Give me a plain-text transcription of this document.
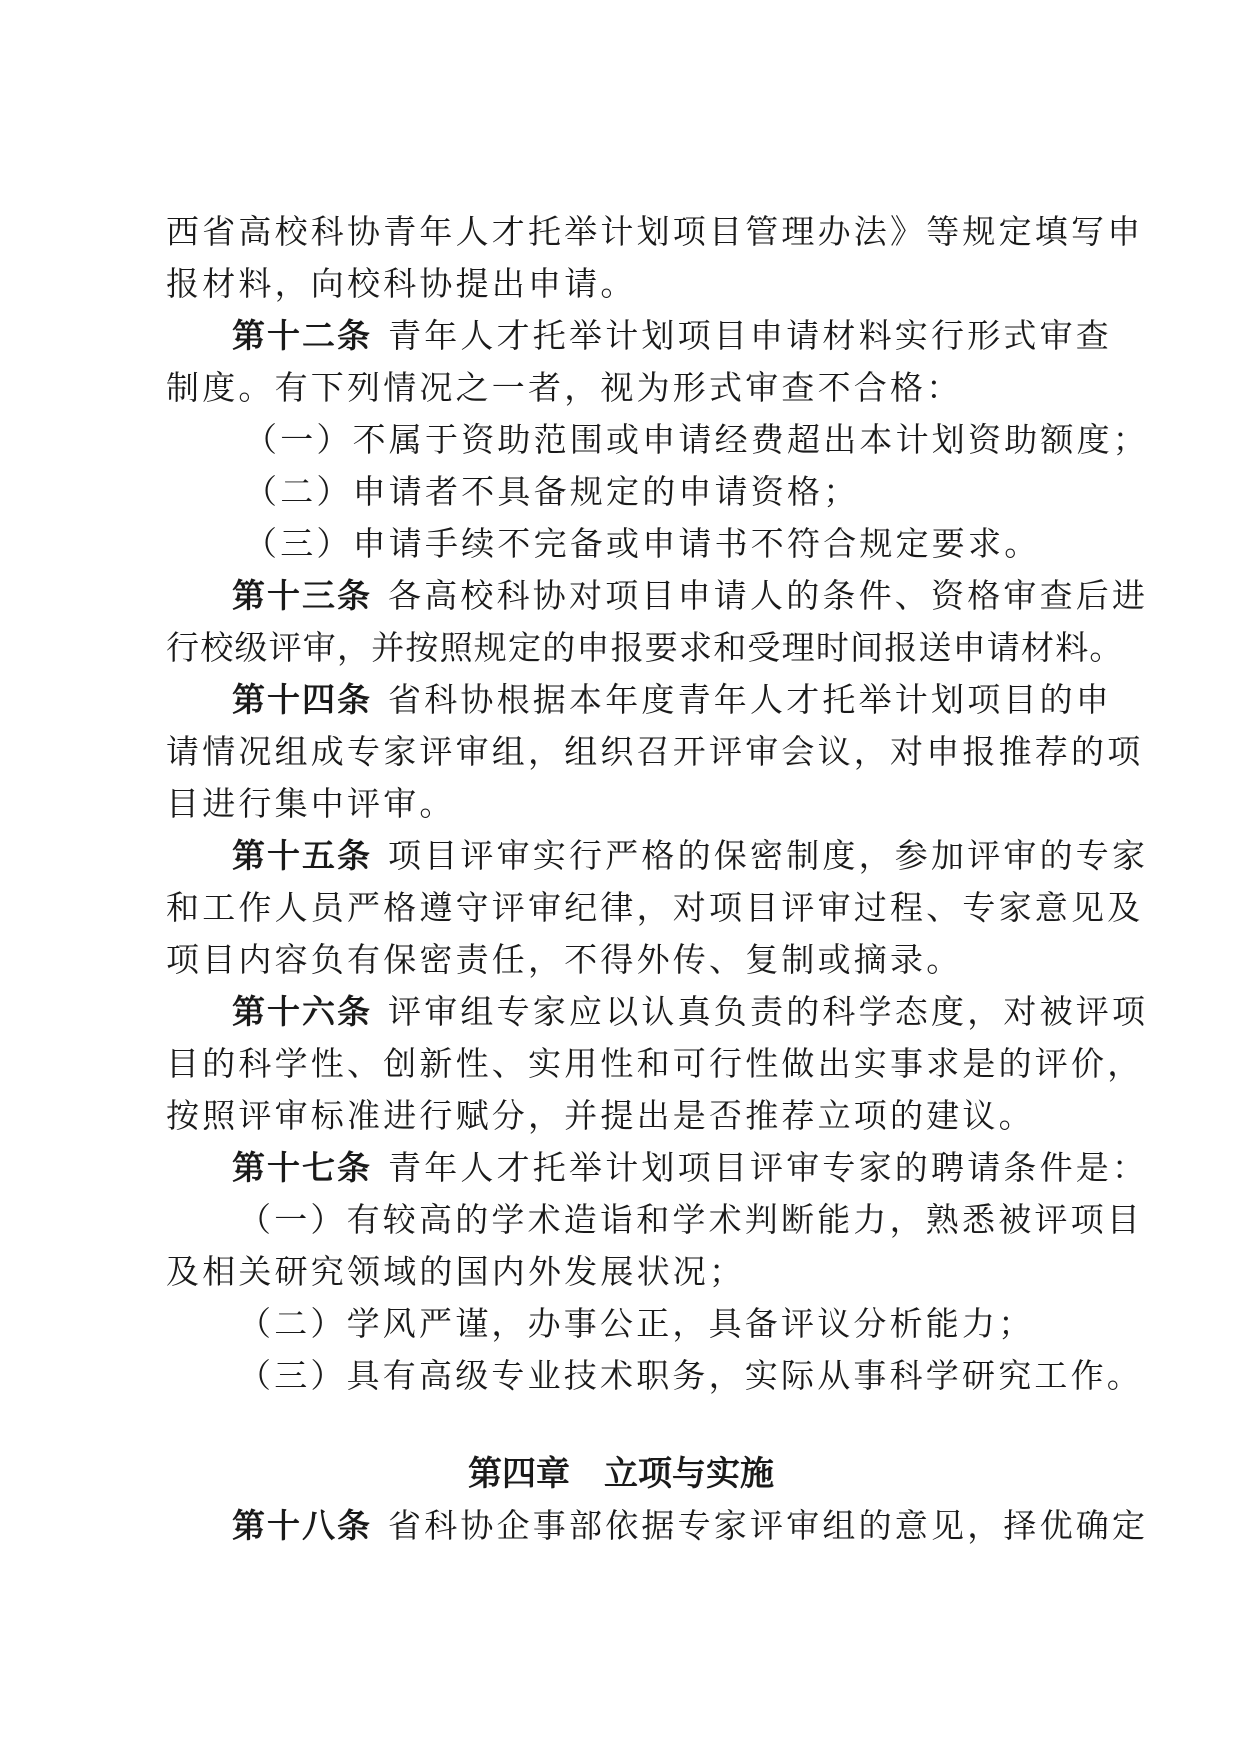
西省高校科协青年人才托举计划项目管理办法》等规定填写申
报材料，向校科协提出申请。
第十二条 青年人才托举计划项目申请材料实行形式审查
制度。有下列情况之一者，视为形式审查不合格：
（一）不属于资助范围或申请经费超出本计划资助额度；
（二）申请者不具备规定的申请资格；
（三）申请手续不完备或申请书不符合规定要求。
第十三条 各高校科协对项目申请人的条件、资格审查后进
行校级评审，并按照规定的申报要求和受理时间报送申请材料。
第十四条 省科协根据本年度青年人才托举计划项目的申
请情况组成专家评审组，组织召开评审会议，对申报推荐的项
目进行集中评审。
第十五条 项目评审实行严格的保密制度，参加评审的专家
和工作人员严格遵守评审纪律，对项目评审过程、专家意见及
项目内容负有保密责任，不得外传、复制或摘录。
第十六条 评审组专家应以认真负责的科学态度，对被评项
目的科学性、创新性、实用性和可行性做出实事求是的评价，
按照评审标准进行赋分，并提出是否推荐立项的建议。
第十七条 青年人才托举计划项目评审专家的聘请条件是：
（一）有较高的学术造诣和学术判断能力，熟悉被评项目
及相关研究领域的国内外发展状况；
（二）学风严谨，办事公正，具备评议分析能力；
（三）具有高级专业技术职务，实际从事科学研究工作。
第四章 立项与实施
第十八条 省科协企事部依据专家评审组的意见，择优确定
